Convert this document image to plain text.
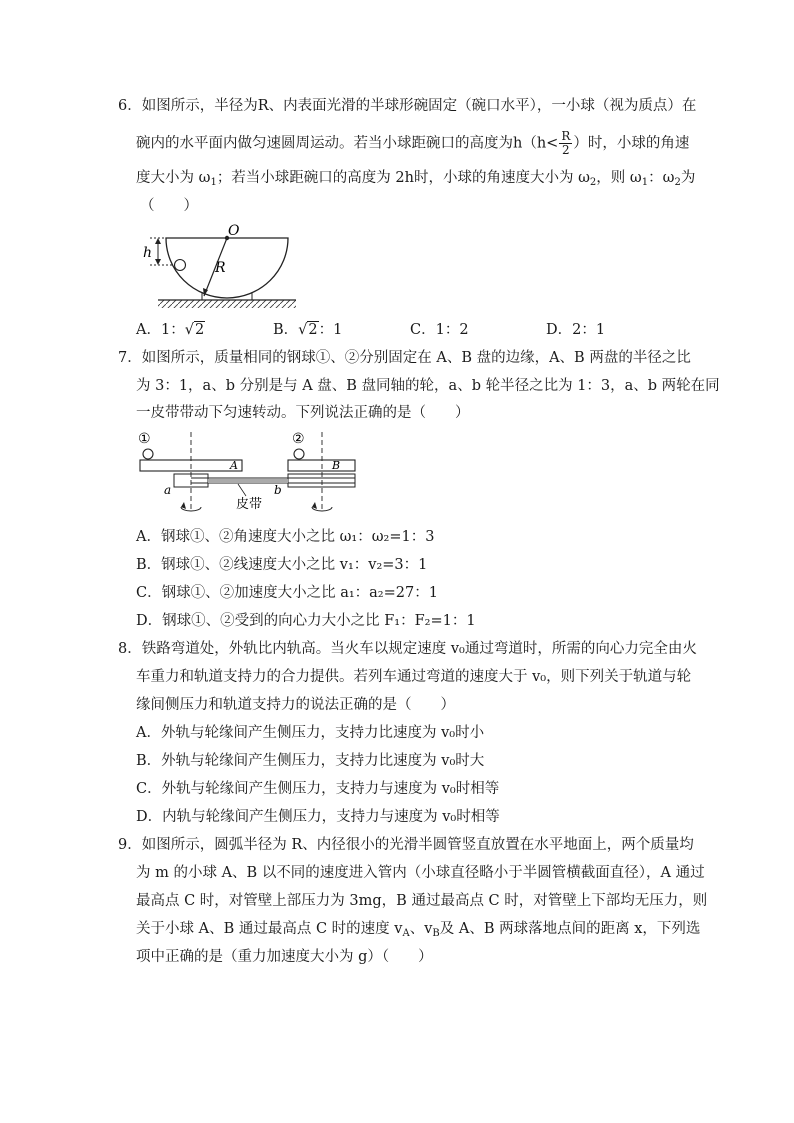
6．如图所示，半径为R、内表面光滑的半球形碗固定（碗口水平），一小球（视为质点）在
碗内的水平面内做匀速圆周运动。若当小球距碗口的高度为$h(h< \frac{R}{2}$ ）时，小球的角速
度大小为 $\omega_1$；若当小球距碗口的高度为 2h时，小球的角速度大小为 $\omega_2$，则 $\omega_1$：$\omega_2$为
（　　）
h
O
R
A．1：√2	B．√2：1	C．1：2	D．2：1
7．如图所示，质量相同的钢球①、②分别固定在 A、B 盘的边缘，A、B 两盘的半径之比
为 3：1，a、b 分别是与 A 盘、B 盘同轴的轮，a、b 轮半径之比为 1：3，a、b 两轮在同
一皮带带动下匀速转动。下列说法正确的是（　　）
①	②
A	B
a	b
皮带
A．钢球①、②角速度大小之比 ω₁：ω₂=1：3
B．钢球①、②线速度大小之比 v₁：v₂=3：1
C．钢球①、②加速度大小之比 a₁：a₂=27：1
D．钢球①、②受到的向心力大小之比 F₁：F₂=1：1
8．铁路弯道处，外轨比内轨高。当火车以规定速度 v₀通过弯道时，所需的向心力完全由火
车重力和轨道支持力的合力提供。若列车通过弯道的速度大于 v₀，则下列关于轨道与轮
缘间侧压力和轨道支持力的说法正确的是（　　）
A．外轨与轮缘间产生侧压力，支持力比速度为 v₀时小
B．外轨与轮缘间产生侧压力，支持力比速度为 v₀时大
C．外轨与轮缘间产生侧压力，支持力与速度为 v₀时相等
D．内轨与轮缘间产生侧压力，支持力与速度为 v₀时相等
9．如图所示，圆弧半径为 R、内径很小的光滑半圆管竖直放置在水平地面上，两个质量均
为 m 的小球 A、B 以不同的速度进入管内（小球直径略小于半圆管横截面直径），A 通过
最高点 C 时，对管壁上部压力为 3mg，B 通过最高点 C 时，对管壁上下部均无压力，则
关于小球 A、B 通过最高点 C 时的速度 $v_A$、$v_B$及 A、B 两球落地点间的距离 x，下列选
项中正确的是（重力加速度大小为 g）（　　）
